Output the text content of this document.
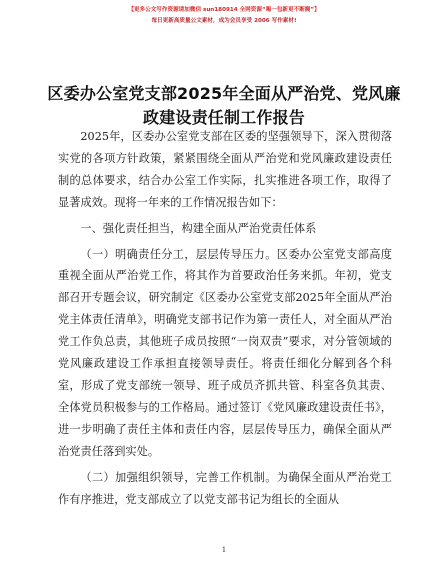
【更多公文写作资源请加微信 sun180914 全网资源“喝一包新更不断搁”】
每日更新高质量公文素材，成为会员享受 2006 写作素材!
区委办公室党支部2025年全面从严治党、党风廉政建设责任制工作报告

2025年，区委办公室党支部在区委的坚强领导下，深入贯彻落实党的各项方针政策，紧紧围绕全面从严治党和党风廉政建设责任制的总体要求，结合办公室工作实际，扎实推进各项工作，取得了显著成效。现将一年来的工作情况报告如下：

一、强化责任担当，构建全面从严治党责任体系

（一）明确责任分工，层层传导压力。区委办公室党支部高度重视全面从严治党工作，将其作为首要政治任务来抓。年初，党支部召开专题会议，研究制定《区委办公室党支部2025年全面从严治党主体责任清单》，明确党支部书记作为第一责任人，对全面从严治党工作负总责，其他班子成员按照“一岗双责”要求，对分管领域的党风廉政建设工作承担直接领导责任。将责任细化分解到各个科室，形成了党支部统一领导、班子成员齐抓共管、科室各负其责、全体党员积极参与的工作格局。通过签订《党风廉政建设责任书》，进一步明确了责任主体和责任内容，层层传导压力，确保全面从严治党责任落到实处。

（二）加强组织领导，完善工作机制。为确保全面从严治党工作有序推进，党支部成立了以党支部书记为组长的全面从

1
